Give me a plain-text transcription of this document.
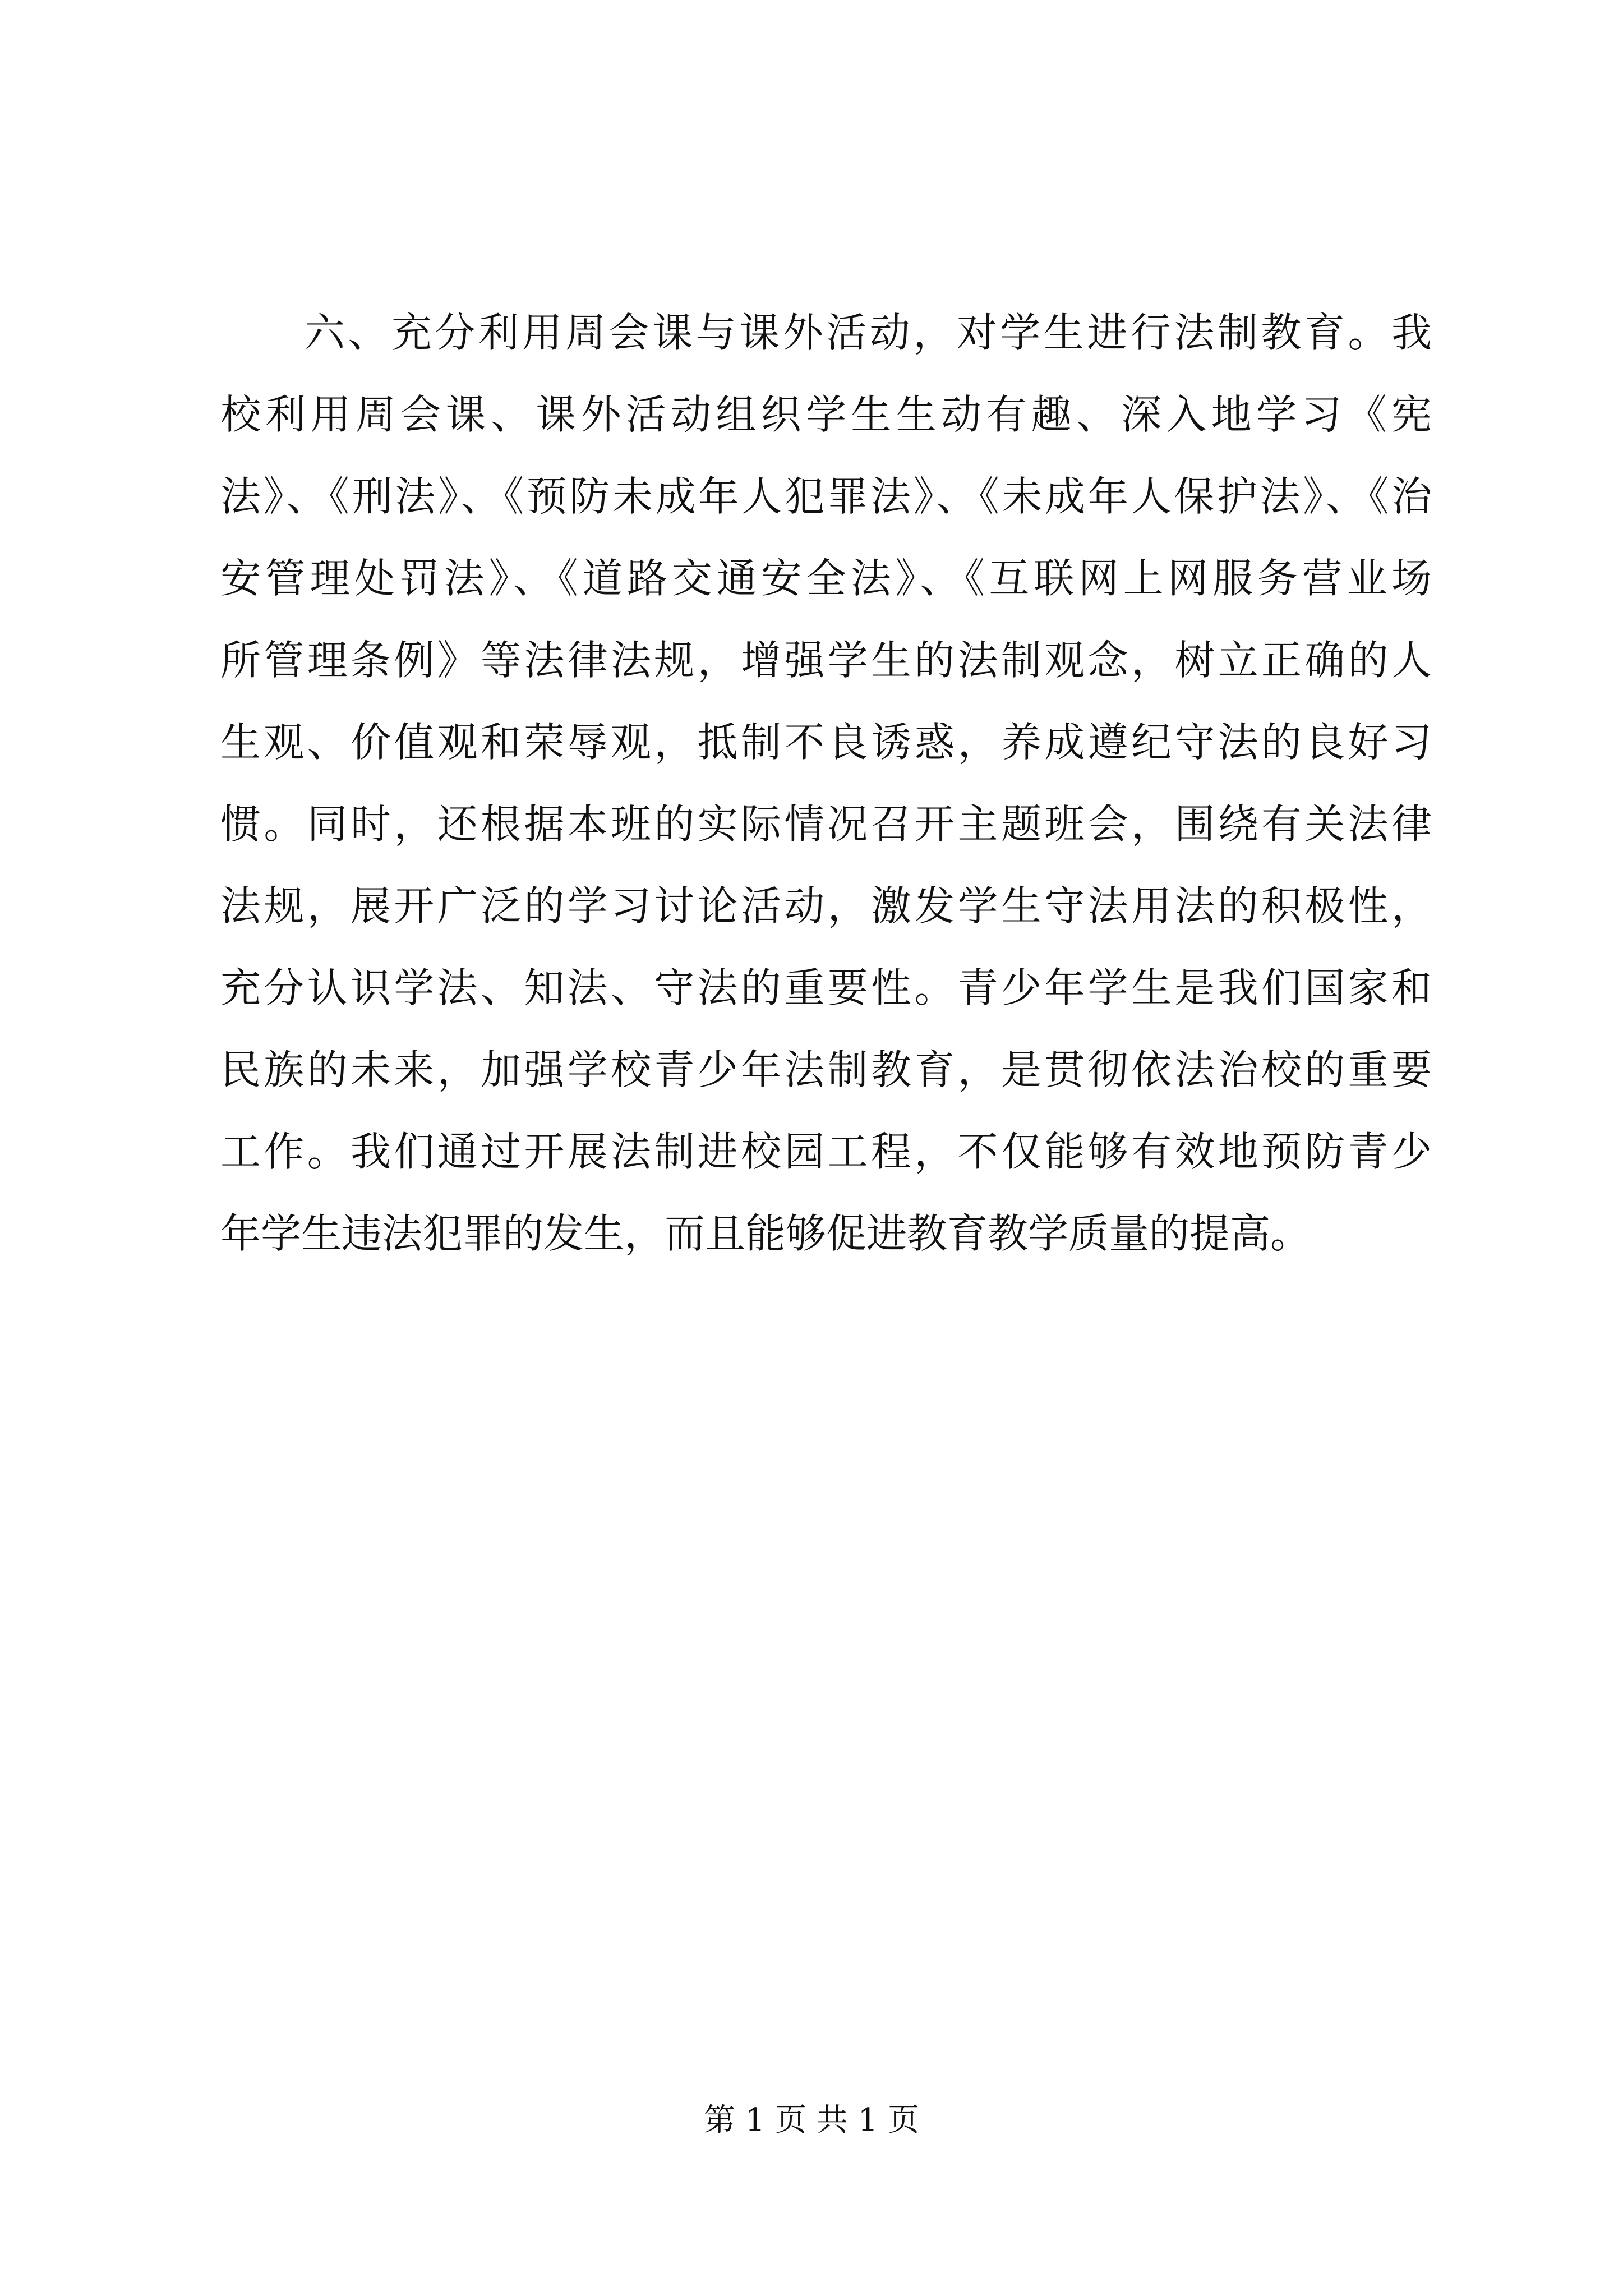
六、充分利用周会课与课外活动，对学生进行法制教育。我
校利用周会课、课外活动组织学生生动有趣、深入地学习《宪
法》、《刑法》、《预防未成年人犯罪法》、《未成年人保护法》、《治
安管理处罚法》、《道路交通安全法》、《互联网上网服务营业场
所管理条例》等法律法规，增强学生的法制观念，树立正确的人
生观、价值观和荣辱观，抵制不良诱惑，养成遵纪守法的良好习
惯。同时，还根据本班的实际情况召开主题班会，围绕有关法律
法规，展开广泛的学习讨论活动，激发学生守法用法的积极性，
充分认识学法、知法、守法的重要性。青少年学生是我们国家和
民族的未来，加强学校青少年法制教育，是贯彻依法治校的重要
工作。我们通过开展法制进校园工程，不仅能够有效地预防青少
年学生违法犯罪的发生，而且能够促进教育教学质量的提高。
第 1 页 共 1 页
